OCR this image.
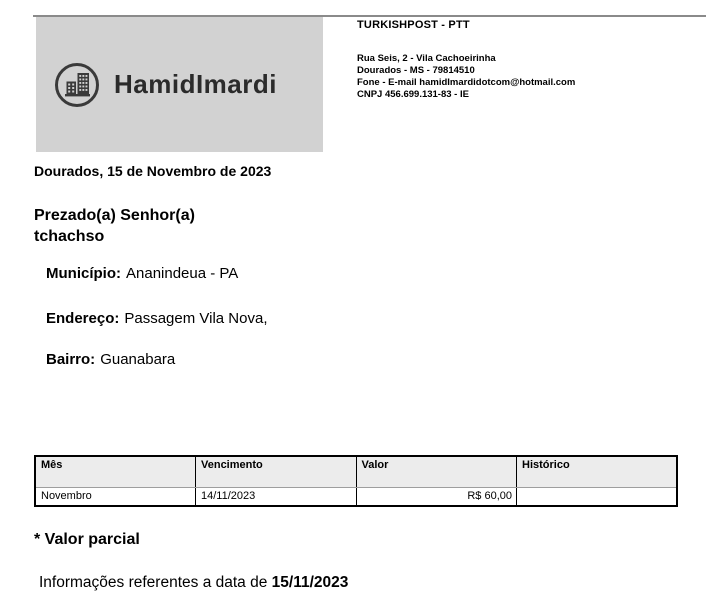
HamidImardi
TURKISHPOST - PTT
Rua Seis, 2 - Vila Cachoeirinha
Dourados - MS - 79814510
Fone - E-mail hamidImardidotcom@hotmail.com
CNPJ 456.699.131-83 - IE
Dourados, 15 de Novembro de 2023
Prezado(a) Senhor(a)
tchachso
Município: Ananindeua - PA
Endereço: Passagem Vila Nova,
Bairro: Guanabara
Mês	Vencimento	Valor	Histórico
Novembro	14/11/2023	R$ 60,00	
* Valor parcial
Informações referentes a data de 15/11/2023
